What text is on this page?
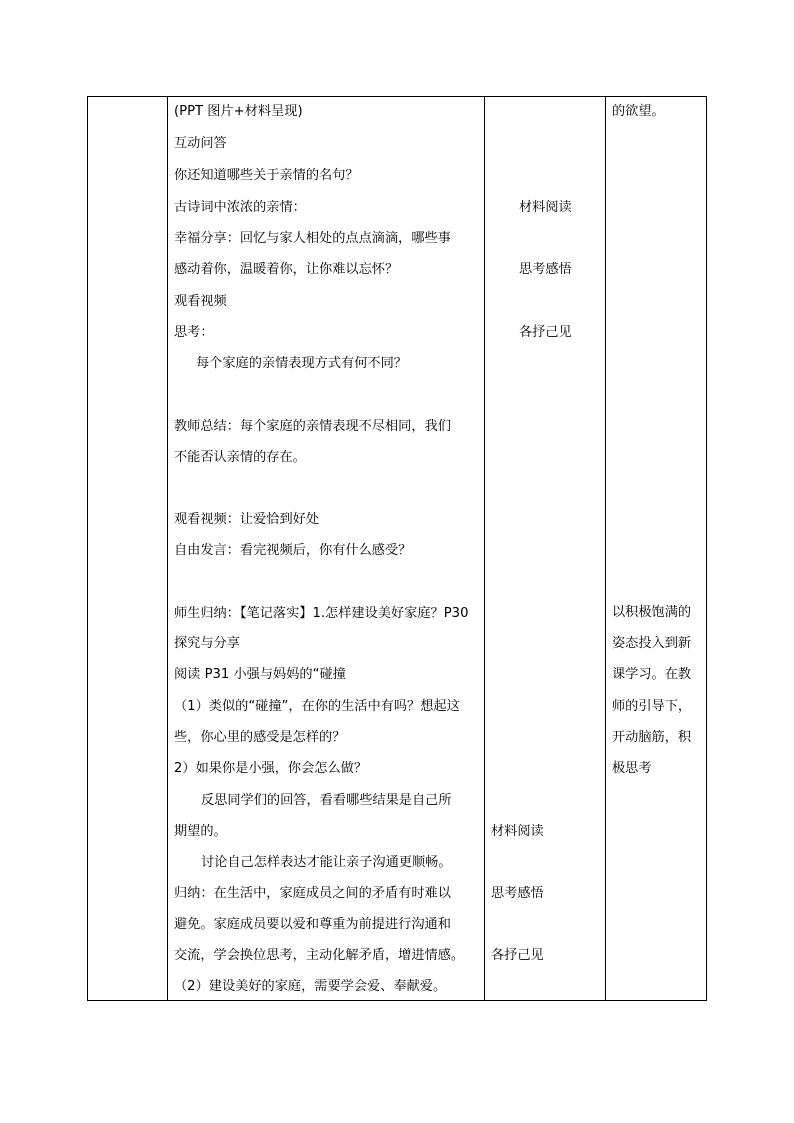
(PPT 图片+材料呈现)
互动问答
你还知道哪些关于亲情的名句？
古诗词中浓浓的亲情：
幸福分享：回忆与家人相处的点点滴滴，哪些事
感动着你，温暖着你，让你难以忘怀？
观看视频
思考：
每个家庭的亲情表现方式有何不同？
教师总结：每个家庭的亲情表现不尽相同，我们
不能否认亲情的存在。
观看视频：让爱恰到好处
自由发言：看完视频后，你有什么感受？
师生归纳：【笔记落实】1.怎样建设美好家庭？P30
探究与分享
阅读 P31 小强与妈妈的“碰撞
（1）类似的“碰撞”，在你的生活中有吗？想起这
些，你心里的感受是怎样的？
2）如果你是小强，你会怎么做？
反思同学们的回答，看看哪些结果是自己所
期望的。
讨论自己怎样表达才能让亲子沟通更顺畅。
归纳：在生活中，家庭成员之间的矛盾有时难以
避免。家庭成员要以爱和尊重为前提进行沟通和
交流，学会换位思考，主动化解矛盾，增进情感。
（2）建设美好的家庭，需要学会爱、奉献爱。
材料阅读
思考感悟
各抒己见
材料阅读
思考感悟
各抒己见
的欲望。
以积极饱满的
姿态投入到新
课学习。在教
师的引导下，
开动脑筋，积
极思考
